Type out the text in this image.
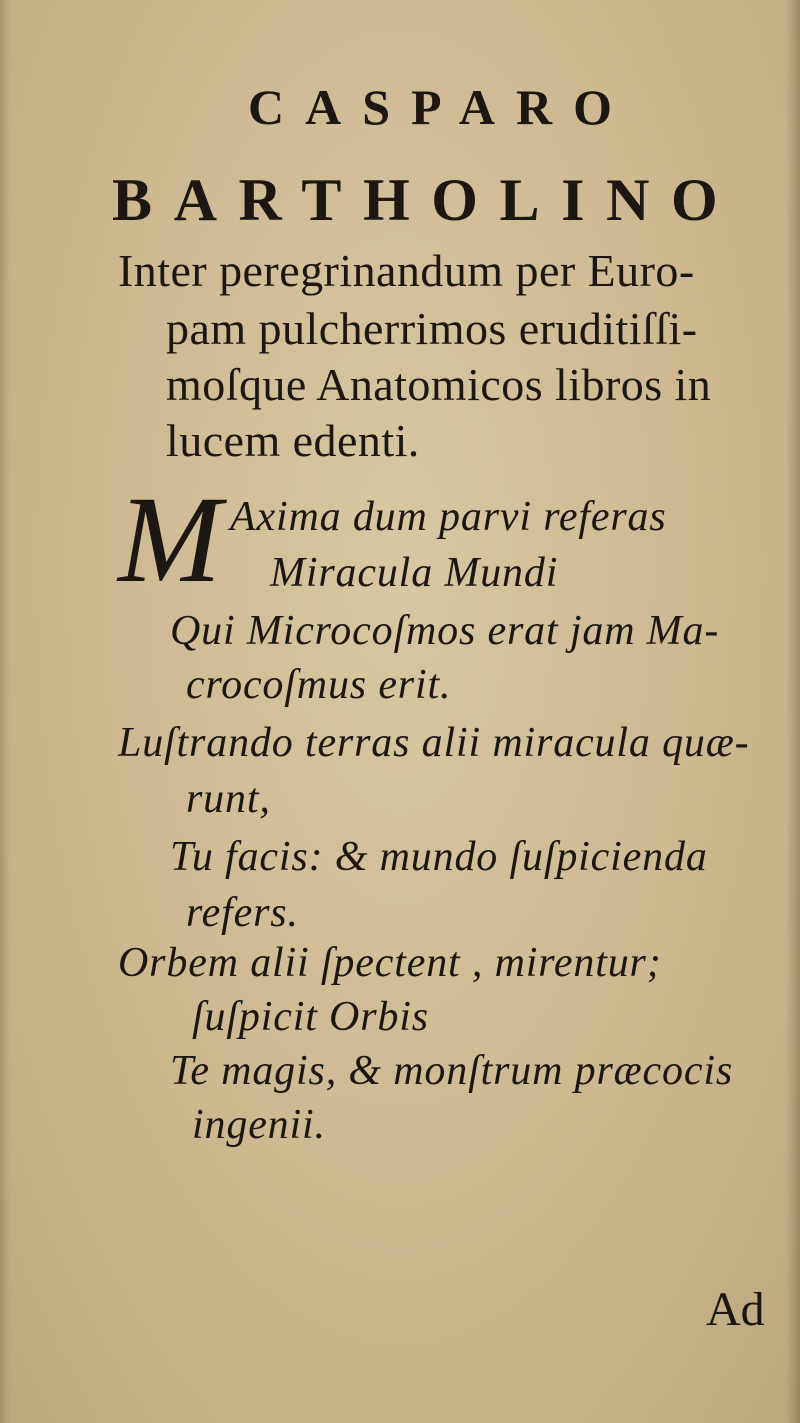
CASPARO
BARTHOLINO
Inter peregrinandum per Euro-
pam pulcherrimos eruditiſſi-
moſque Anatomicos libros in
lucem edenti.
M Axima dum parvi referas
Miracula Mundi
Qui Microcoſmos erat jam Ma-
crocoſmus erit.
Luſtrando terras alii miracula quæ-
runt,
Tu facis: & mundo ſuſpicienda
refers.
Orbem alii ſpectent , mirentur;
ſuſpicit Orbis
Te magis, & monſtrum præcocis
ingenii.
Ad
